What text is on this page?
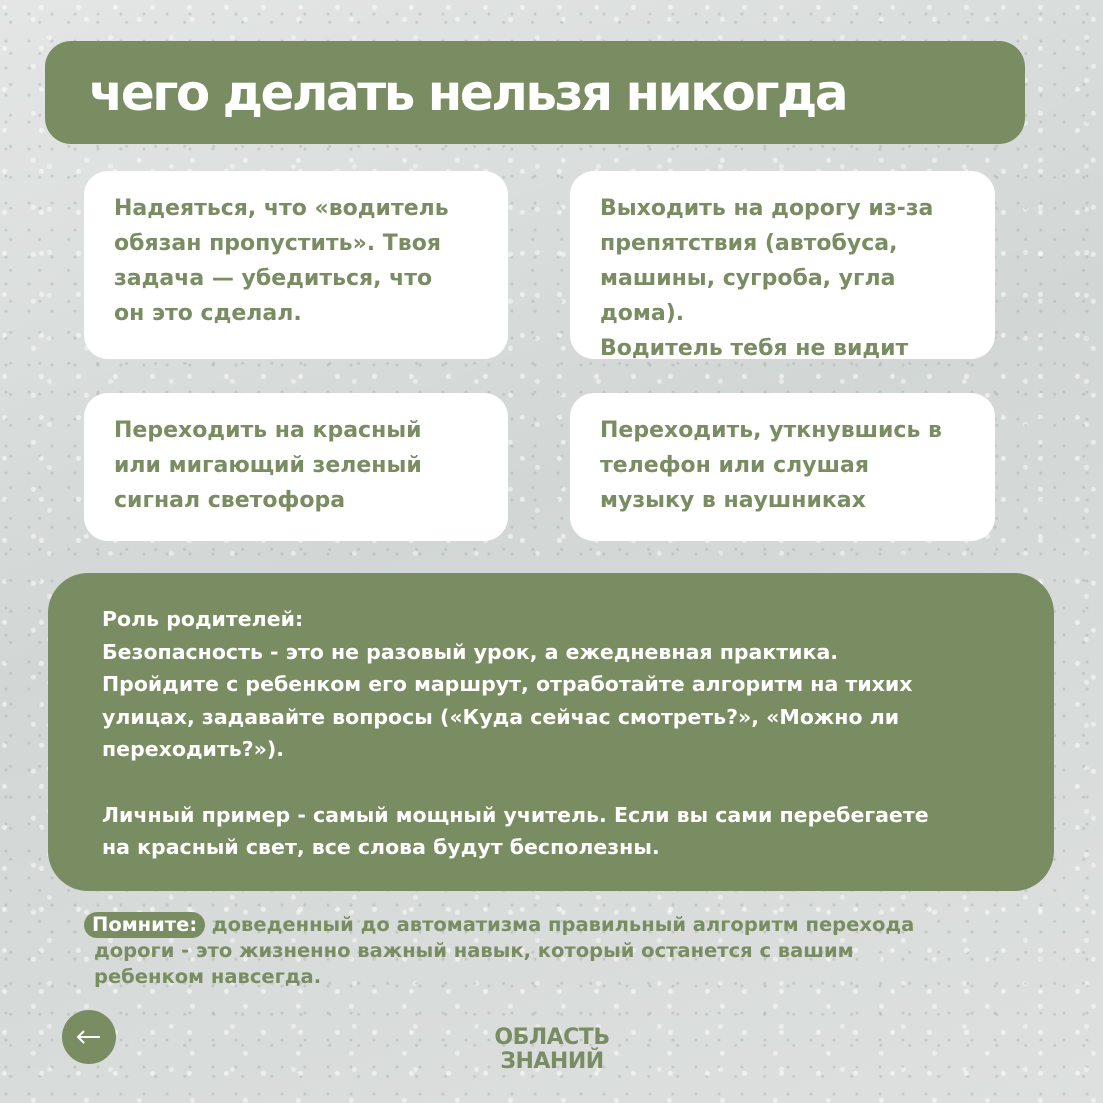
чего делать нельзя никогда

Надеяться, что «водитель

обязан пропустить». Твоя

задача — убедиться, что

он это сделал.

Выходить на дорогу из-за

препятствия (автобуса,

машины, сугроба, угла дома).

Водитель тебя не видит

Переходить на красный

или мигающий зеленый

сигнал светофора

Переходить, уткнувшись в

телефон или слушая

музыку в наушниках

Роль родителей:

Безопасность - это не разовый урок, а ежедневная практика.

Пройдите с ребенком его маршрут, отработайте алгоритм на тихих

улицах, задавайте вопросы («Куда сейчас смотреть?», «Можно ли

переходить?»).

Личный пример - самый мощный учитель. Если вы сами перебегаете

на красный свет, все слова будут бесполезны.

Помните: доведенный до автоматизма правильный алгоритм перехода
дороги - это жизненно важный навык, который останется с вашим
ребенком навсегда.
ОБЛАСТЬ
ЗНАНИЙ
